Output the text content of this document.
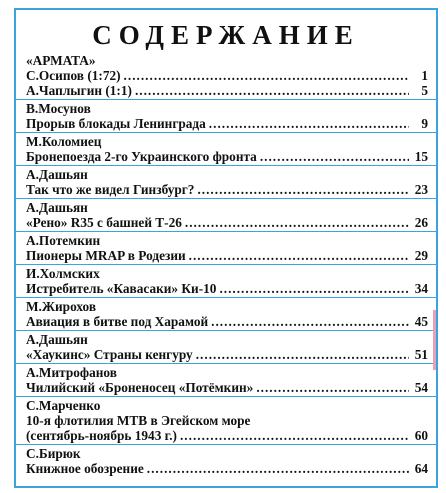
СОДЕРЖАНИЕ
«АРМАТА»
С.Осипов (1:72) .....	1
А.Чаплыгин (1:1) .....	5
В.Мосунов
Прорыв блокады Ленинграда .....	9
М.Коломиец
Бронепоезда 2-го Украинского фронта .....	15
А.Дашьян
Так что же видел Гинзбург? .....	23
А.Дашьян
«Рено» R35 с башней Т-26 .....	26
А.Потемкин
Пионеры MRAP в Родезии .....	29
И.Холмских
Истребитель «Кавасаки» Ки-10 .....	34
М.Жирохов
Авиация в битве под Харамой .....	45
А.Дашьян
«Хаукинс» Страны кенгуру .....	51
А.Митрофанов
Чилийский «Броненосец «Потёмкин» .....	54
С.Марченко
10-я флотилия МТВ в Эгейском море
(сентябрь-ноябрь 1943 г.) .....	60
С.Бирюк
Книжное обозрение .....	64
